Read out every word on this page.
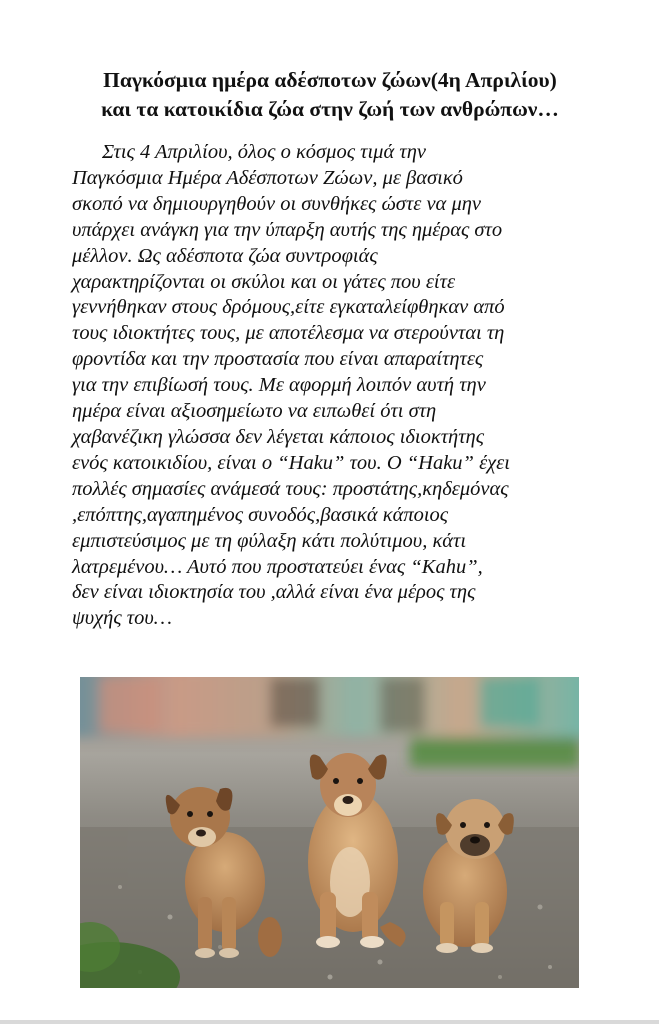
Παγκόσμια ημέρα αδέσποτων ζώων(4η Απριλίου)
και τα κατοικίδια ζώα στην ζωή των ανθρώπων…
Στις 4 Απριλίου, όλος ο κόσμος τιμά την
Παγκόσμια Ημέρα Αδέσποτων Ζώων, με βασικό
σκοπό να δημιουργηθούν οι συνθήκες ώστε να μην
υπάρχει ανάγκη για την ύπαρξη αυτής της ημέρας στο
μέλλον. Ως αδέσποτα ζώα συντροφιάς
χαρακτηρίζονται οι σκύλοι και οι γάτες που είτε
γεννήθηκαν στους δρόμους,είτε εγκαταλείφθηκαν από
τους ιδιοκτήτες τους, με αποτέλεσμα να στερούνται τη
φροντίδα και την προστασία που είναι απαραίτητες
για την επιβίωσή τους. Με αφορμή λοιπόν αυτή την
ημέρα είναι αξιοσημείωτο να ειπωθεί ότι στη
χαβανέζικη γλώσσα δεν λέγεται κάποιος ιδιοκτήτης
ενός κατοικιδίου, είναι ο “Haku” του. Ο “Haku” έχει
πολλές σημασίες ανάμεσά τους: προστάτης,κηδεμόνας
,επόπτης,αγαπημένος συνοδός,βασικά κάποιος
εμπιστεύσιμος με τη φύλαξη κάτι πολύτιμου, κάτι
λατρεμένου… Αυτό που προστατεύει ένας “Kahu”,
δεν είναι ιδιοκτησία του ,αλλά είναι ένα μέρος της
ψυχής του…
